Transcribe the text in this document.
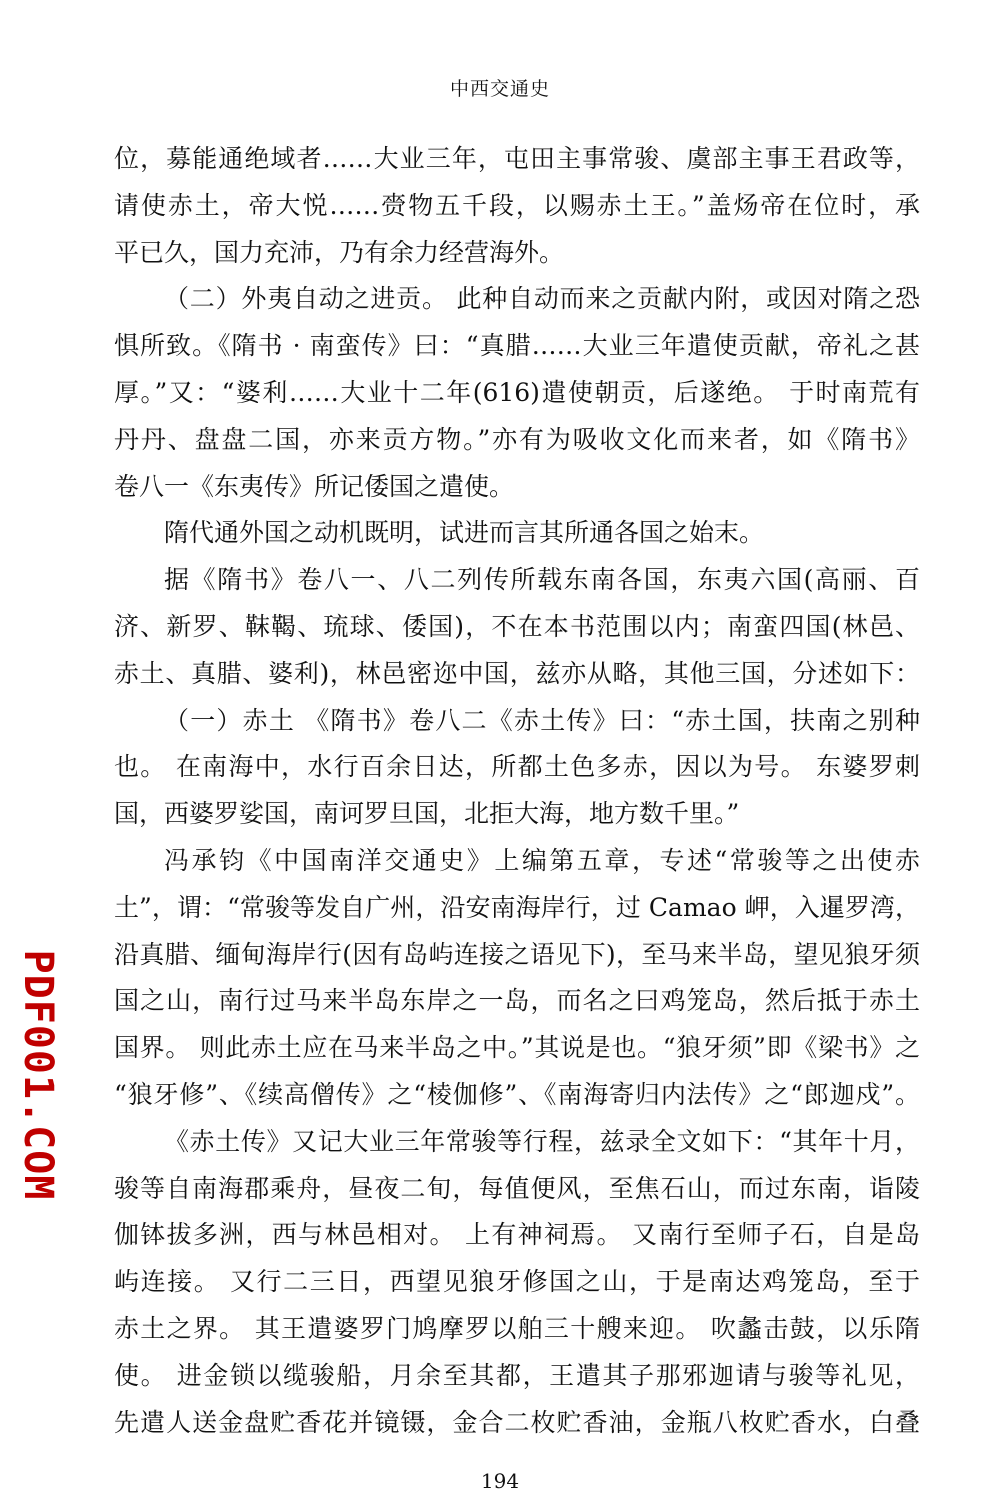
中西交通史
位，募能通绝域者……大业三年，屯田主事常骏、虞部主事王君政等，
请使赤土，帝大悦……赍物五千段，以赐赤土王。”盖炀帝在位时，承
平已久，国力充沛，乃有余力经营海外。
（二）外夷自动之进贡。 此种自动而来之贡献内附，或因对隋之恐
惧所致。《隋书 · 南蛮传》曰：“真腊……大业三年遣使贡献，帝礼之甚
厚。”又：“婆利……大业十二年(616)遣使朝贡，后遂绝。 于时南荒有
丹丹、盘盘二国，亦来贡方物。”亦有为吸收文化而来者，如《隋书》
卷八一《东夷传》所记倭国之遣使。
隋代通外国之动机既明，试进而言其所通各国之始末。
据《隋书》卷八一、八二列传所载东南各国，东夷六国(高丽、百
济、新罗、靺鞨、琉球、倭国)，不在本书范围以内；南蛮四国(林邑、
赤土、真腊、婆利)，林邑密迩中国，兹亦从略，其他三国，分述如下：
（一）赤土 《隋书》卷八二《赤土传》曰：“赤土国，扶南之别种
也。 在南海中，水行百余日达，所都土色多赤，因以为号。 东婆罗刺
国，西婆罗娑国，南诃罗旦国，北拒大海，地方数千里。”
冯承钧《中国南洋交通史》上编第五章，专述“常骏等之出使赤
土”，谓：“常骏等发自广州，沿安南海岸行，过 Camao 岬，入暹罗湾，
沿真腊、缅甸海岸行(因有岛屿连接之语见下)，至马来半岛，望见狼牙须
国之山，南行过马来半岛东岸之一岛，而名之曰鸡笼岛，然后抵于赤土
国界。 则此赤土应在马来半岛之中。”其说是也。“狼牙须”即《梁书》之
“狼牙修”、《续高僧传》之“棱伽修”、《南海寄归内法传》之“郎迦戍”。
《赤土传》又记大业三年常骏等行程，兹录全文如下：“其年十月，
骏等自南海郡乘舟，昼夜二旬，每值便风，至焦石山，而过东南，诣陵
伽钵拔多洲，西与林邑相对。 上有神祠焉。 又南行至师子石，自是岛
屿连接。 又行二三日，西望见狼牙修国之山，于是南达鸡笼岛，至于
赤土之界。 其王遣婆罗门鸠摩罗以舶三十艘来迎。 吹蠡击鼓，以乐隋
使。 进金锁以缆骏船，月余至其都，王遣其子那邪迦请与骏等礼见，
先遣人送金盘贮香花并镜镊，金合二枚贮香油，金瓶八枚贮香水，白叠
PDF001.COM
194
